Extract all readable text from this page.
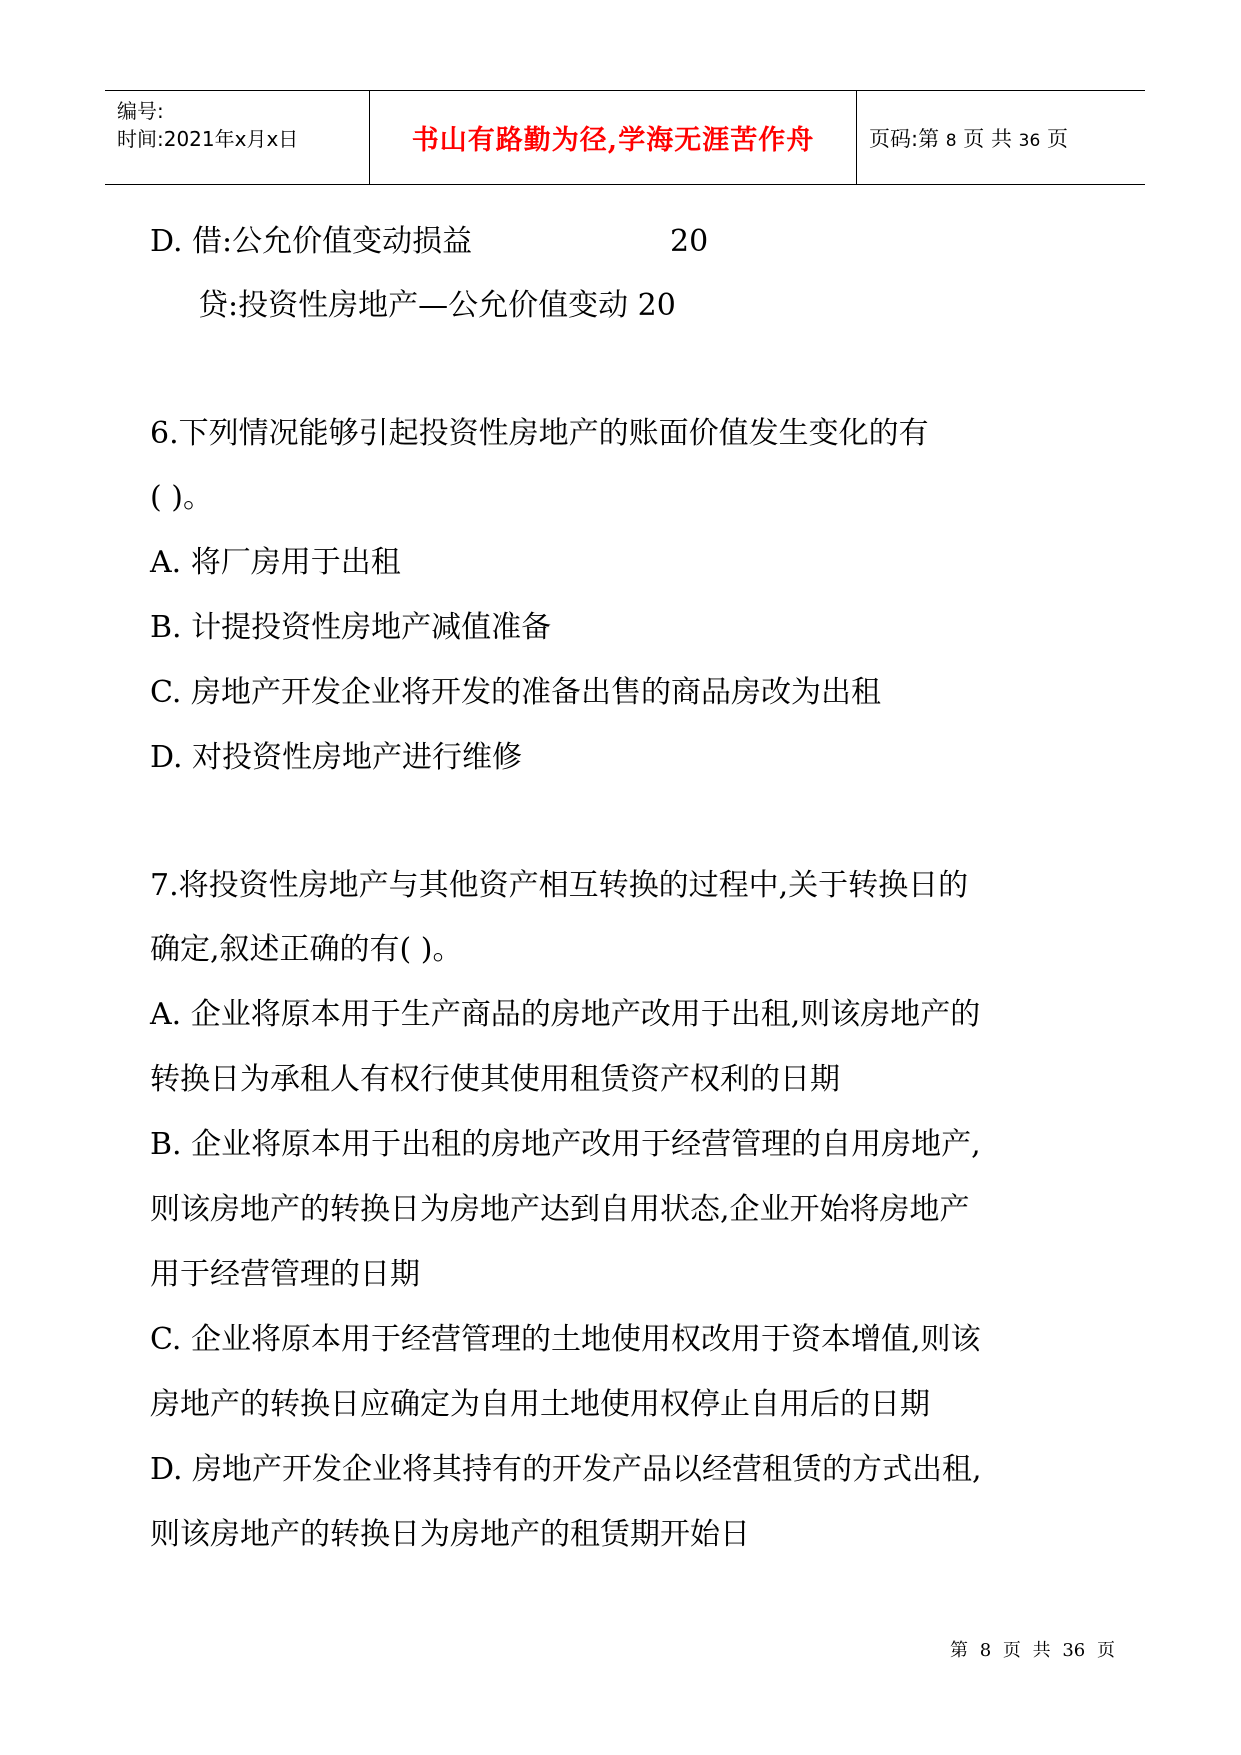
编号:
时间:2021年x月x日	书山有路勤为径,学海无涯苦作舟	页码:第 8 页 共 36 页
D. 借:公允价值变动损益	20
贷:投资性房地产—公允价值变动 20
6.下列情况能够引起投资性房地产的账面价值发生变化的有
( )。
A. 将厂房用于出租
B. 计提投资性房地产减值准备
C. 房地产开发企业将开发的准备出售的商品房改为出租
D. 对投资性房地产进行维修
7.将投资性房地产与其他资产相互转换的过程中,关于转换日的
确定,叙述正确的有( )。
A. 企业将原本用于生产商品的房地产改用于出租,则该房地产的
转换日为承租人有权行使其使用租赁资产权利的日期
B. 企业将原本用于出租的房地产改用于经营管理的自用房地产,
则该房地产的转换日为房地产达到自用状态,企业开始将房地产
用于经营管理的日期
C. 企业将原本用于经营管理的土地使用权改用于资本增值,则该
房地产的转换日应确定为自用土地使用权停止自用后的日期
D. 房地产开发企业将其持有的开发产品以经营租赁的方式出租,
则该房地产的转换日为房地产的租赁期开始日
第 8 页 共 36 页
